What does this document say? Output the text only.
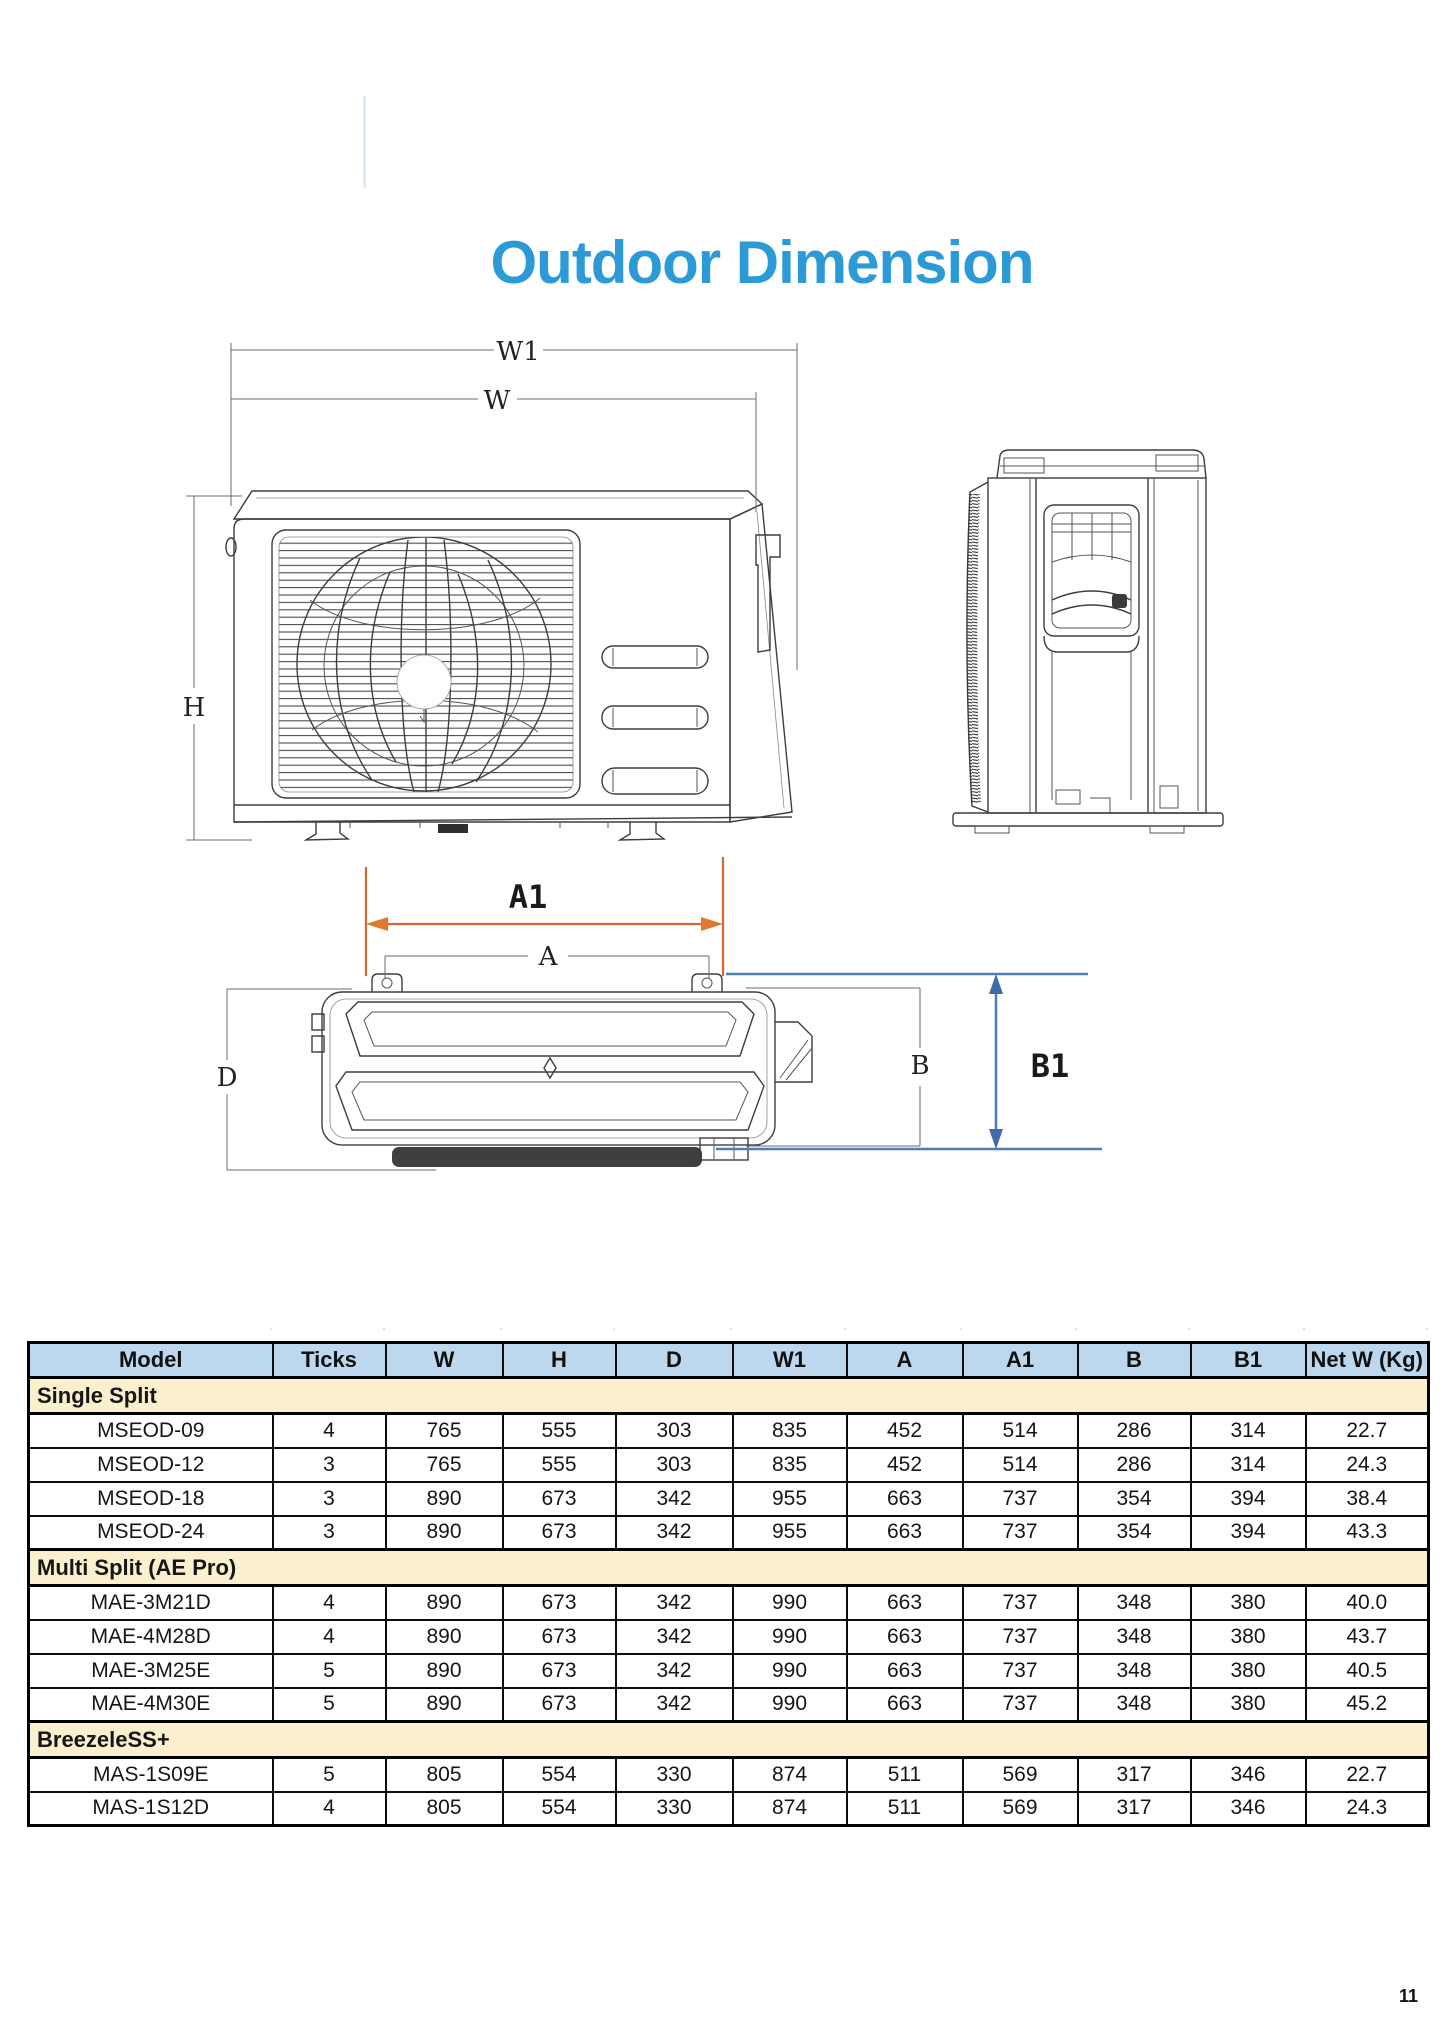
Outdoor Dimension
W1
W
H
A1
A
D	B	B1
Model	Ticks	W	H	D	W1	A	A1	B	B1	Net W (Kg)
Single Split										
MSEOD-09	4	765	555	303	835	452	514	286	314	22.7
MSEOD-12	3	765	555	303	835	452	514	286	314	24.3
MSEOD-18	3	890	673	342	955	663	737	354	394	38.4
MSEOD-24	3	890	673	342	955	663	737	354	394	43.3
Multi Split (AE Pro)										
MAE-3M21D	4	890	673	342	990	663	737	348	380	40.0
MAE-4M28D	4	890	673	342	990	663	737	348	380	43.7
MAE-3M25E	5	890	673	342	990	663	737	348	380	40.5
MAE-4M30E	5	890	673	342	990	663	737	348	380	45.2
BreezeleSS+										
MAS-1S09E	5	805	554	330	874	511	569	317	346	22.7
MAS-1S12D	4	805	554	330	874	511	569	317	346	24.3
11
